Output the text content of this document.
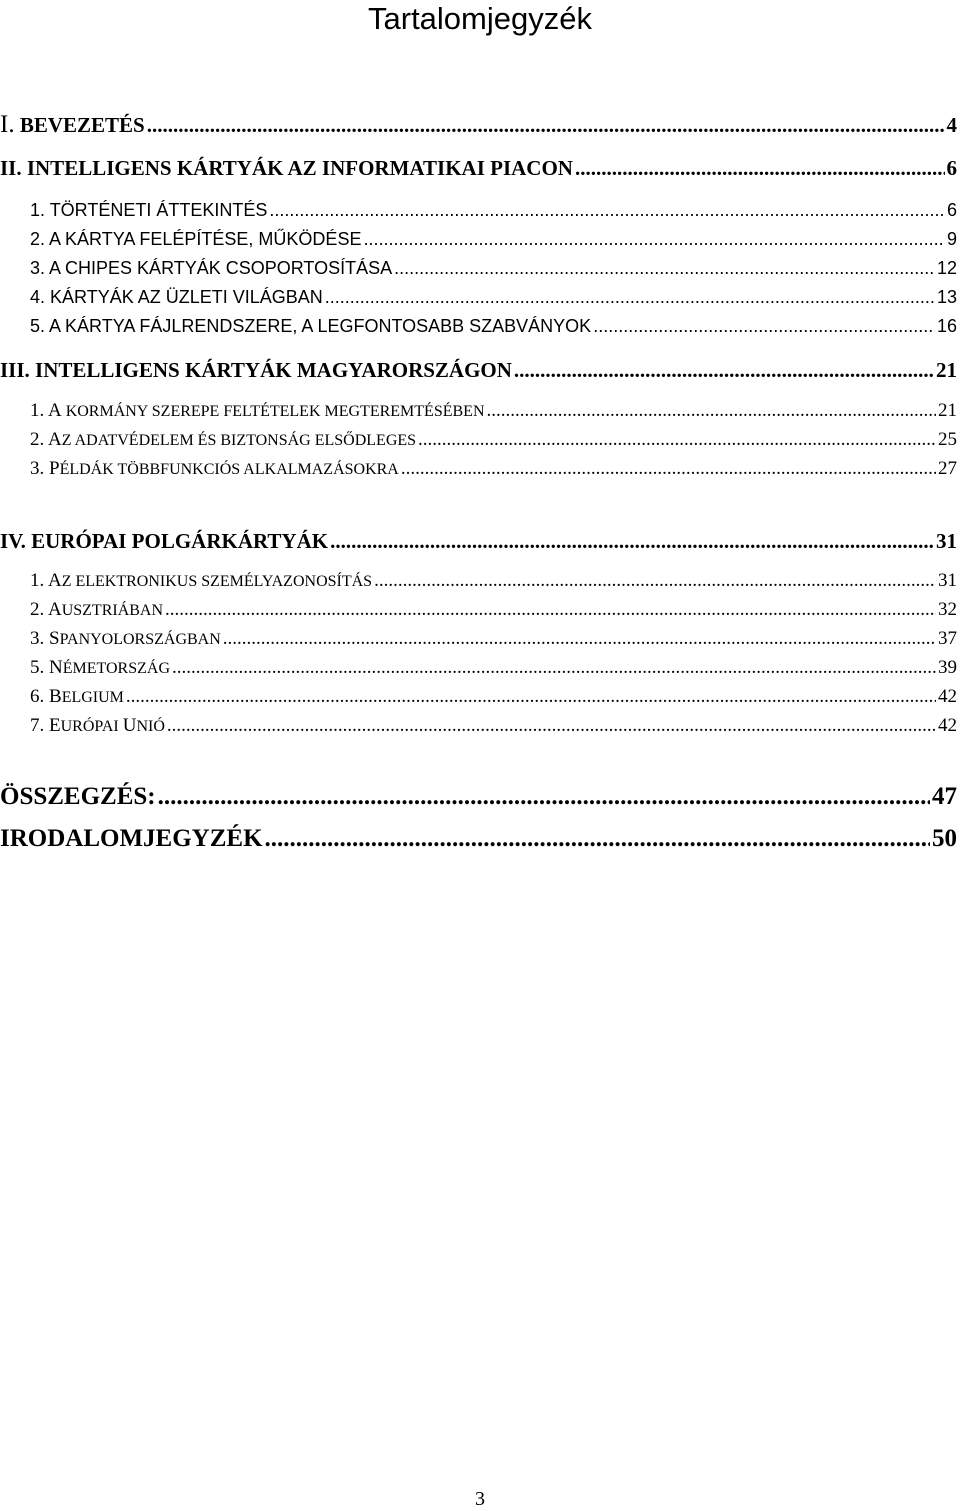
Tartalomjegyzék
I. BEVEZETÉS .....	4
II. INTELLIGENS KÁRTYÁK AZ INFORMATIKAI PIACON .....	6
1. TÖRTÉNETI ÁTTEKINTÉS .....	6
2. A KÁRTYA FELÉPÍTÉSE, MŰKÖDÉSE .....	9
3. A CHIPES KÁRTYÁK CSOPORTOSÍTÁSA .....	12
4. KÁRTYÁK AZ ÜZLETI VILÁGBAN .....	13
5. A KÁRTYA FÁJLRENDSZERE, A LEGFONTOSABB SZABVÁNYOK .....	16
III. INTELLIGENS KÁRTYÁK MAGYARORSZÁGON .....	21
1. A KORMÁNY SZEREPE FELTÉTELEK MEGTEREMTÉSÉBEN .....	21
2. AZ ADATVÉDELEM ÉS BIZTONSÁG ELSŐDLEGES .....	25
3. PÉLDÁK TÖBBFUNKCIÓS ALKALMAZÁSOKRA .....	27
IV. EURÓPAI POLGÁRKÁRTYÁK .....	31
1. AZ ELEKTRONIKUS SZEMÉLYAZONOSÍTÁS .....	31
2. AUSZTRIÁBAN .....	32
3. SPANYOLORSZÁGBAN .....	37
5. NÉMETORSZÁG .....	39
6. BELGIUM .....	42
7. EURÓPAI UNIÓ .....	42
ÖSSZEGZÉS: .....	47
IRODALOMJEGYZÉK .....	50
3
